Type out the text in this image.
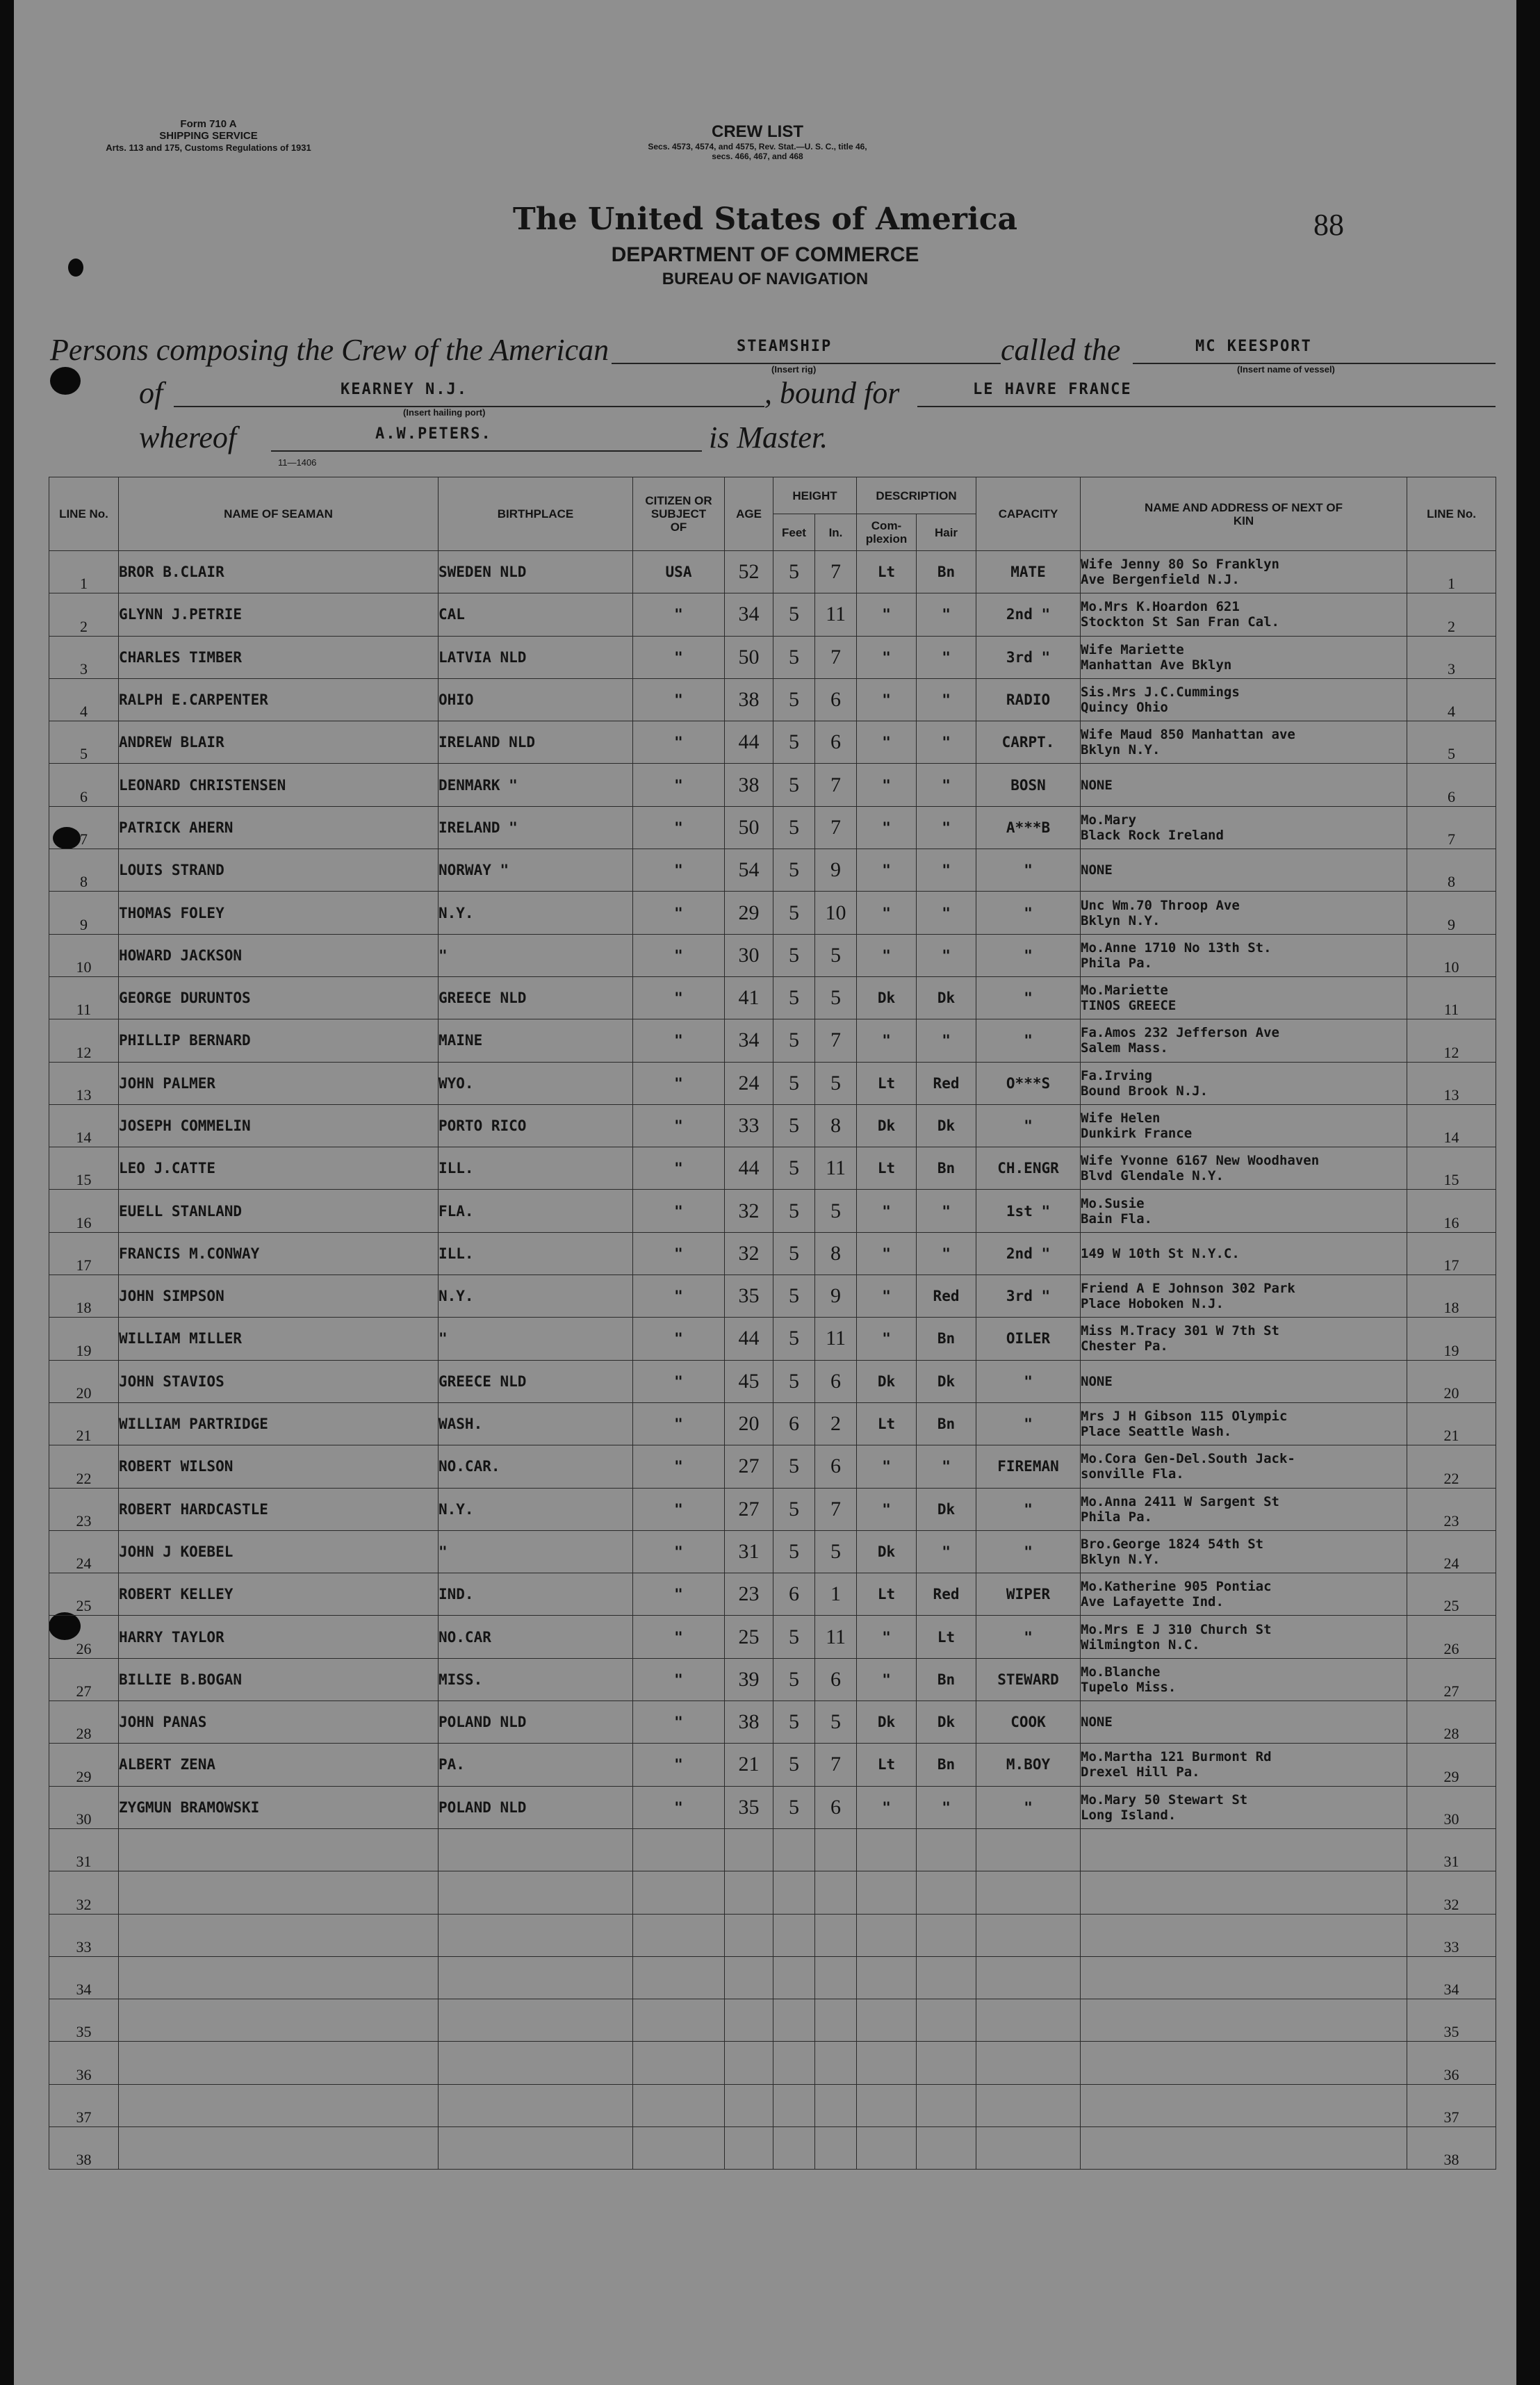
Form 710 A
SHIPPING SERVICE
Arts. 113 and 175, Customs Regulations of 1931
CREW LIST
Secs. 4573, 4574, and 4575, Rev. Stat.—U. S. C., title 46,
secs. 466, 467, and 468
88
The United States of America
DEPARTMENT OF COMMERCE
BUREAU OF NAVIGATION
Persons composing the Crew of the American	STEAMSHIP
(Insert rig)
called the	MC KEESPORT
(Insert name of vessel)
of	KEARNEY N.J.
(Insert hailing port)
, bound for	LE HAVRE FRANCE
whereof	A.W.PETERS.	is Master.
11—1406
LINE No.	NAME OF SEAMAN	BIRTHPLACE	CITIZEN OR SUBJECT OF	AGE	HEIGHT		DESCRIPTION		CAPACITY	NAME AND ADDRESS OF NEXT OF KIN	LINE No.
					Feet	In.	Com- plexion	Hair			
1	BROR B.CLAIR	SWEDEN NLD	USA	52	5	7	Lt	Bn	MATE	Wife Jenny 80 So Franklyn
Ave Bergenfield N.J.	1
2	GLYNN J.PETRIE	CAL	"	34	5	11	"	"	2nd "	Mo.Mrs K.Hoardon 621
Stockton St San Fran Cal.	2
3	CHARLES TIMBER	LATVIA NLD	"	50	5	7	"	"	3rd "	Wife Mariette
Manhattan Ave Bklyn	3
4	RALPH E.CARPENTER	OHIO	"	38	5	6	"	"	RADIO	Sis.Mrs J.C.Cummings
Quincy Ohio	4
5	ANDREW BLAIR	IRELAND NLD	"	44	5	6	"	"	CARPT.	Wife Maud 850 Manhattan ave
Bklyn N.Y.	5
6	LEONARD CHRISTENSEN	DENMARK "	"	38	5	7	"	"	BOSN	NONE	6
7	PATRICK AHERN	IRELAND "	"	50	5	7	"	"	A***B	Mo.Mary
Black Rock Ireland	7
8	LOUIS STRAND	NORWAY "	"	54	5	9	"	"	"	NONE	8
9	THOMAS FOLEY	N.Y.	"	29	5	10	"	"	"	Unc Wm.70 Throop Ave
Bklyn N.Y.	9
10	HOWARD JACKSON	"	"	30	5	5	"	"	"	Mo.Anne 1710 No 13th St.
Phila Pa.	10
11	GEORGE DURUNTOS	GREECE NLD	"	41	5	5	Dk	Dk	"	Mo.Mariette
TINOS GREECE	11
12	PHILLIP BERNARD	MAINE	"	34	5	7	"	"	"	Fa.Amos 232 Jefferson Ave
Salem Mass.	12
13	JOHN PALMER	WYO.	"	24	5	5	Lt	Red	O***S	Fa.Irving
Bound Brook N.J.	13
14	JOSEPH COMMELIN	PORTO RICO	"	33	5	8	Dk	Dk	"	Wife Helen
Dunkirk France	14
15	LEO J.CATTE	ILL.	"	44	5	11	Lt	Bn	CH.ENGR	Wife Yvonne 6167 New Woodhaven
Blvd Glendale N.Y.	15
16	EUELL STANLAND	FLA.	"	32	5	5	"	"	1st "	Mo.Susie
Bain Fla.	16
17	FRANCIS M.CONWAY	ILL.	"	32	5	8	"	"	2nd "	149 W 10th St N.Y.C.	17
18	JOHN SIMPSON	N.Y.	"	35	5	9	"	Red	3rd "	Friend A E Johnson 302 Park
Place Hoboken N.J.	18
19	WILLIAM MILLER	"	"	44	5	11	"	Bn	OILER	Miss M.Tracy 301 W 7th St
Chester Pa.	19
20	JOHN STAVIOS	GREECE NLD	"	45	5	6	Dk	Dk	"	NONE	20
21	WILLIAM PARTRIDGE	WASH.	"	20	6	2	Lt	Bn	"	Mrs J H Gibson 115 Olympic
Place Seattle Wash.	21
22	ROBERT WILSON	NO.CAR.	"	27	5	6	"	"	FIREMAN	Mo.Cora Gen-Del.South Jack-
sonville Fla.	22
23	ROBERT HARDCASTLE	N.Y.	"	27	5	7	"	Dk	"	Mo.Anna 2411 W Sargent St
Phila Pa.	23
24	JOHN J KOEBEL	"	"	31	5	5	Dk	"	"	Bro.George 1824 54th St
Bklyn N.Y.	24
25	ROBERT KELLEY	IND.	"	23	6	1	Lt	Red	WIPER	Mo.Katherine 905 Pontiac
Ave Lafayette Ind.	25
26	HARRY TAYLOR	NO.CAR	"	25	5	11	"	Lt	"	Mo.Mrs E J 310 Church St
Wilmington N.C.	26
27	BILLIE B.BOGAN	MISS.	"	39	5	6	"	Bn	STEWARD	Mo.Blanche
Tupelo Miss.	27
28	JOHN PANAS	POLAND NLD	"	38	5	5	Dk	Dk	COOK	NONE	28
29	ALBERT ZENA	PA.	"	21	5	7	Lt	Bn	M.BOY	Mo.Martha 121 Burmont Rd
Drexel Hill Pa.	29
30	ZYGMUN BRAMOWSKI	POLAND NLD	"	35	5	6	"	"	"	Mo.Mary 50 Stewart St
Long Island.	30
31											31
32											32
33											33
34											34
35											35
36											36
37											37
38											38
